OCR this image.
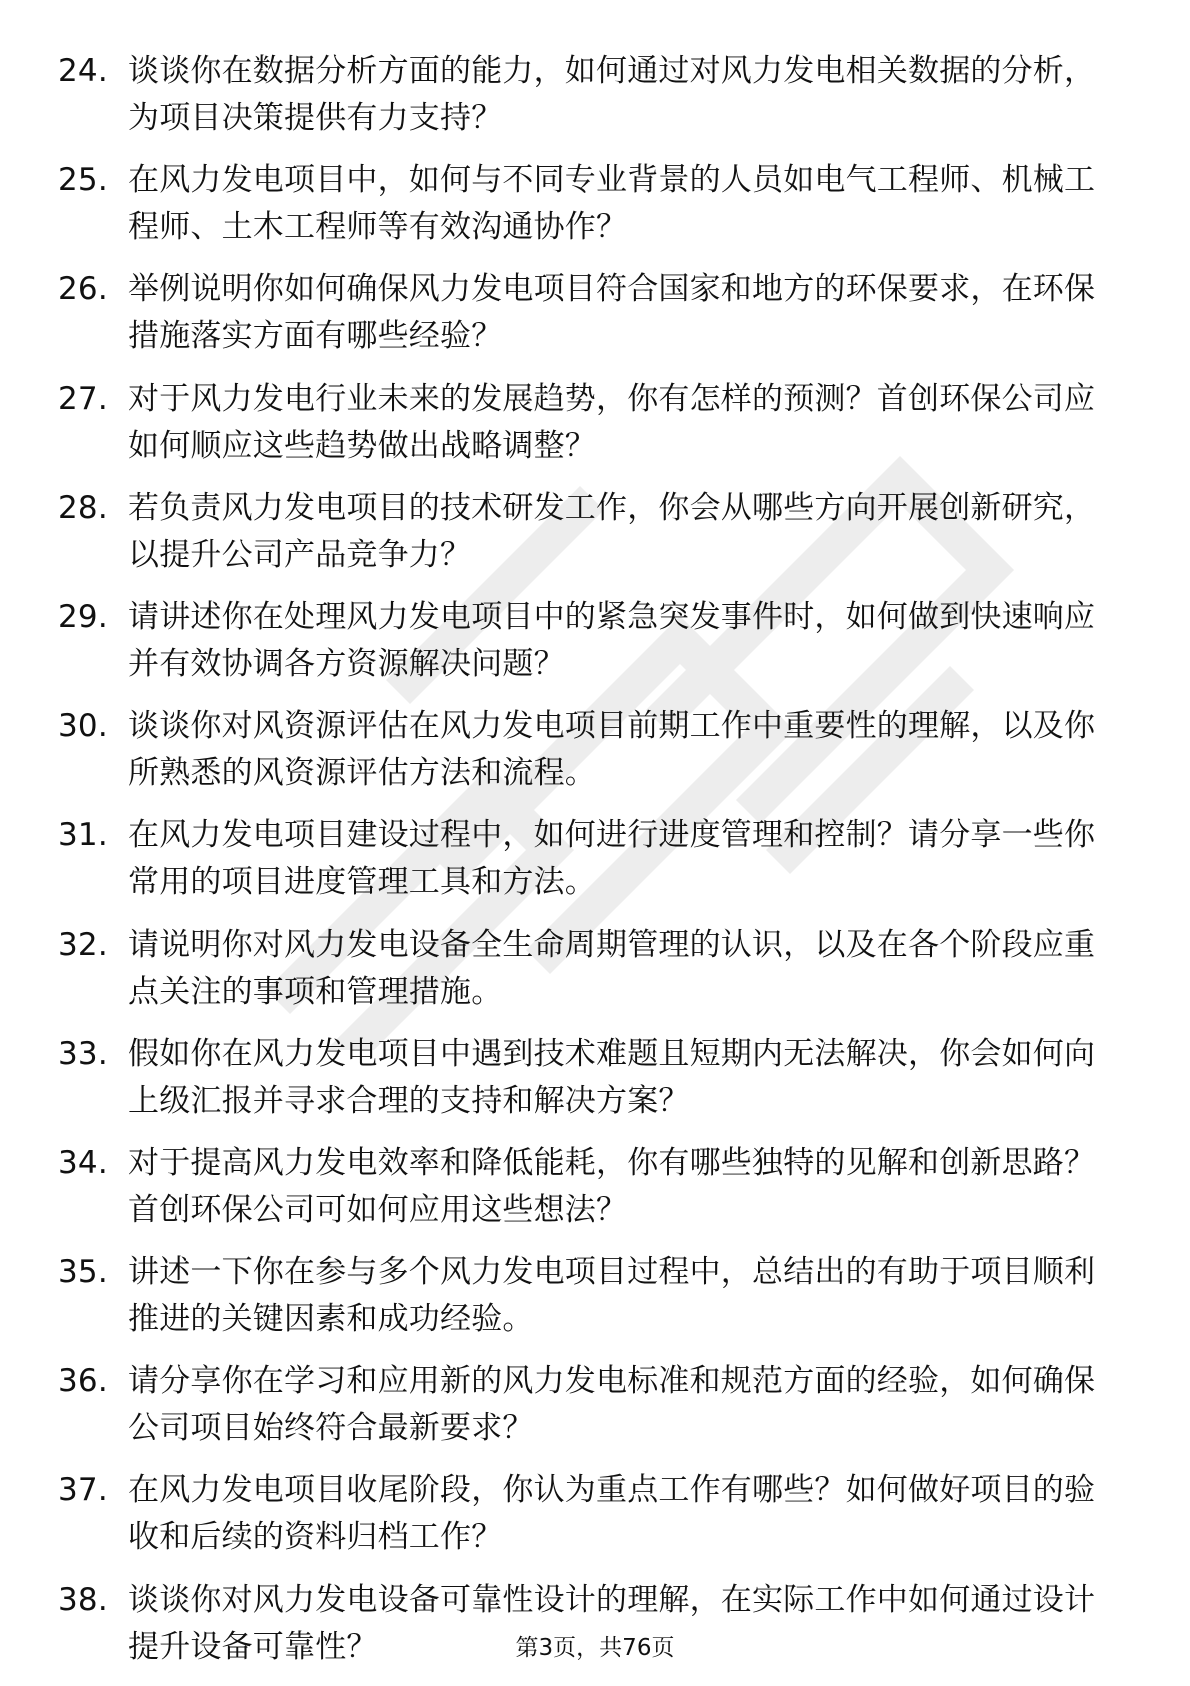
24. 谈谈你在数据分析方面的能力，如何通过对风力发电相关数据的分析，为项目决策提供有力支持？
25. 在风力发电项目中，如何与不同专业背景的人员如电气工程师、机械工程师、土木工程师等有效沟通协作？
26. 举例说明你如何确保风力发电项目符合国家和地方的环保要求，在环保措施落实方面有哪些经验？
27. 对于风力发电行业未来的发展趋势，你有怎样的预测？首创环保公司应如何顺应这些趋势做出战略调整？
28. 若负责风力发电项目的技术研发工作，你会从哪些方向开展创新研究，以提升公司产品竞争力？
29. 请讲述你在处理风力发电项目中的紧急突发事件时，如何做到快速响应并有效协调各方资源解决问题？
30. 谈谈你对风资源评估在风力发电项目前期工作中重要性的理解，以及你所熟悉的风资源评估方法和流程。
31. 在风力发电项目建设过程中，如何进行进度管理和控制？请分享一些你常用的项目进度管理工具和方法。
32. 请说明你对风力发电设备全生命周期管理的认识，以及在各个阶段应重点关注的事项和管理措施。
33. 假如你在风力发电项目中遇到技术难题且短期内无法解决，你会如何向上级汇报并寻求合理的支持和解决方案？
34. 对于提高风力发电效率和降低能耗，你有哪些独特的见解和创新思路？首创环保公司可如何应用这些想法？
35. 讲述一下你在参与多个风力发电项目过程中，总结出的有助于项目顺利推进的关键因素和成功经验。
36. 请分享你在学习和应用新的风力发电标准和规范方面的经验，如何确保公司项目始终符合最新要求？
37. 在风力发电项目收尾阶段，你认为重点工作有哪些？如何做好项目的验收和后续的资料归档工作？
38. 谈谈你对风力发电设备可靠性设计的理解，在实际工作中如何通过设计提升设备可靠性？	第3页，共76页
